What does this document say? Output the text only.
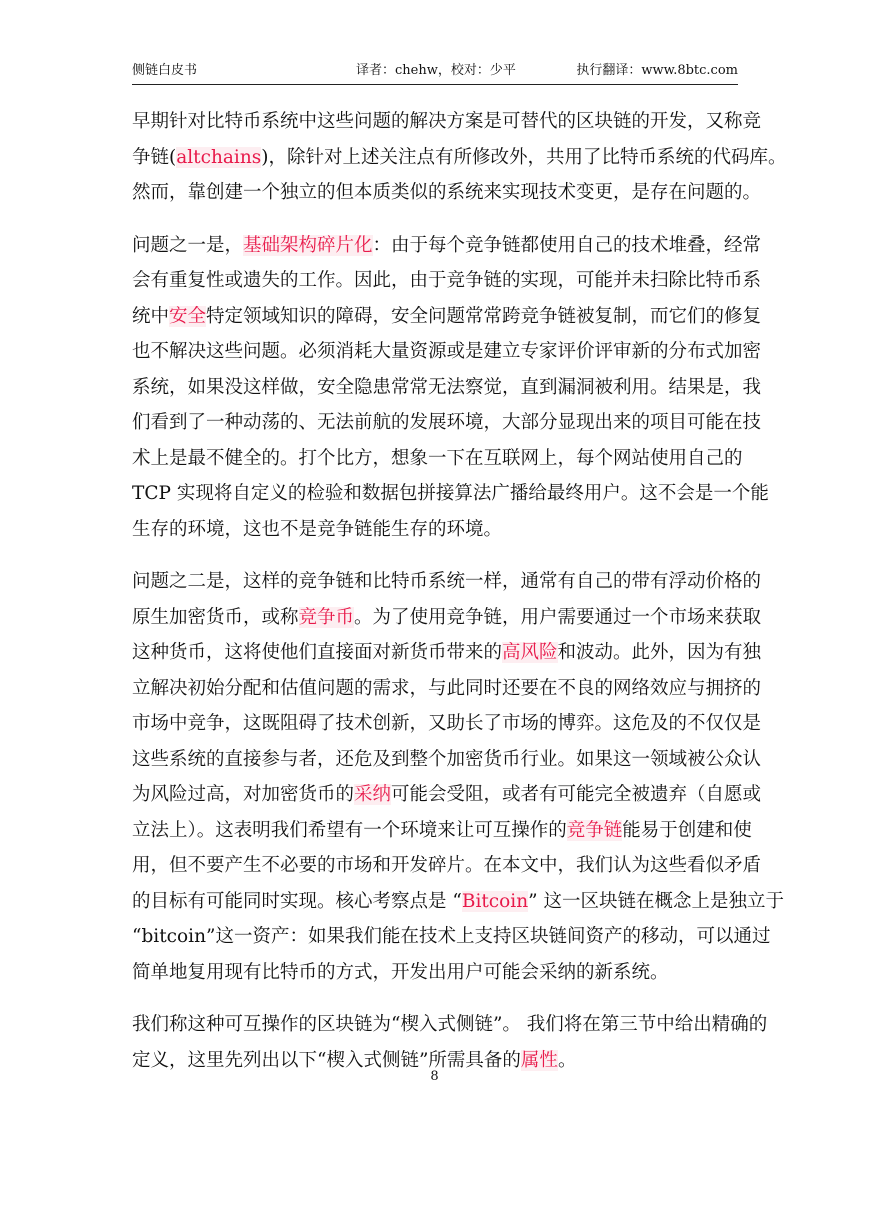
侧链白皮书	译者：chehw，校对：少平	执行翻译：www.8btc.com

早期针对比特币系统中这些问题的解决方案是可替代的区块链的开发，又称竞
争链(altchains)，除针对上述关注点有所修改外，共用了比特币系统的代码库。
然而，靠创建一个独立的但本质类似的系统来实现技术变更，是存在问题的。

问题之一是，基础架构碎片化：由于每个竞争链都使用自己的技术堆叠，经常
会有重复性或遗失的工作。因此，由于竞争链的实现，可能并未扫除比特币系
统中安全特定领域知识的障碍，安全问题常常跨竞争链被复制，而它们的修复
也不解决这些问题。必须消耗大量资源或是建立专家评价评审新的分布式加密
系统，如果没这样做，安全隐患常常无法察觉，直到漏洞被利用。结果是，我
们看到了一种动荡的、无法前航的发展环境，大部分显现出来的项目可能在技
术上是最不健全的。打个比方，想象一下在互联网上，每个网站使用自己的
TCP 实现将自定义的检验和数据包拼接算法广播给最终用户。这不会是一个能
生存的环境，这也不是竞争链能生存的环境。

问题之二是，这样的竞争链和比特币系统一样，通常有自己的带有浮动价格的
原生加密货币，或称竞争币。为了使用竞争链，用户需要通过一个市场来获取
这种货币，这将使他们直接面对新货币带来的高风险和波动。此外，因为有独
立解决初始分配和估值问题的需求，与此同时还要在不良的网络效应与拥挤的
市场中竞争，这既阻碍了技术创新，又助长了市场的博弈。这危及的不仅仅是
这些系统的直接参与者，还危及到整个加密货币行业。如果这一领域被公众认
为风险过高，对加密货币的采纳可能会受阻，或者有可能完全被遗弃（自愿或
立法上）。这表明我们希望有一个环境来让可互操作的竞争链能易于创建和使
用，但不要产生不必要的市场和开发碎片。在本文中，我们认为这些看似矛盾
的目标有可能同时实现。核心考察点是 “Bitcoin” 这一区块链在概念上是独立于
“bitcoin”这一资产：如果我们能在技术上支持区块链间资产的移动，可以通过
简单地复用现有比特币的方式，开发出用户可能会采纳的新系统。

我们称这种可互操作的区块链为“楔入式侧链”。 我们将在第三节中给出精确的
定义，这里先列出以下“楔入式侧链”所需具备的属性。

8
